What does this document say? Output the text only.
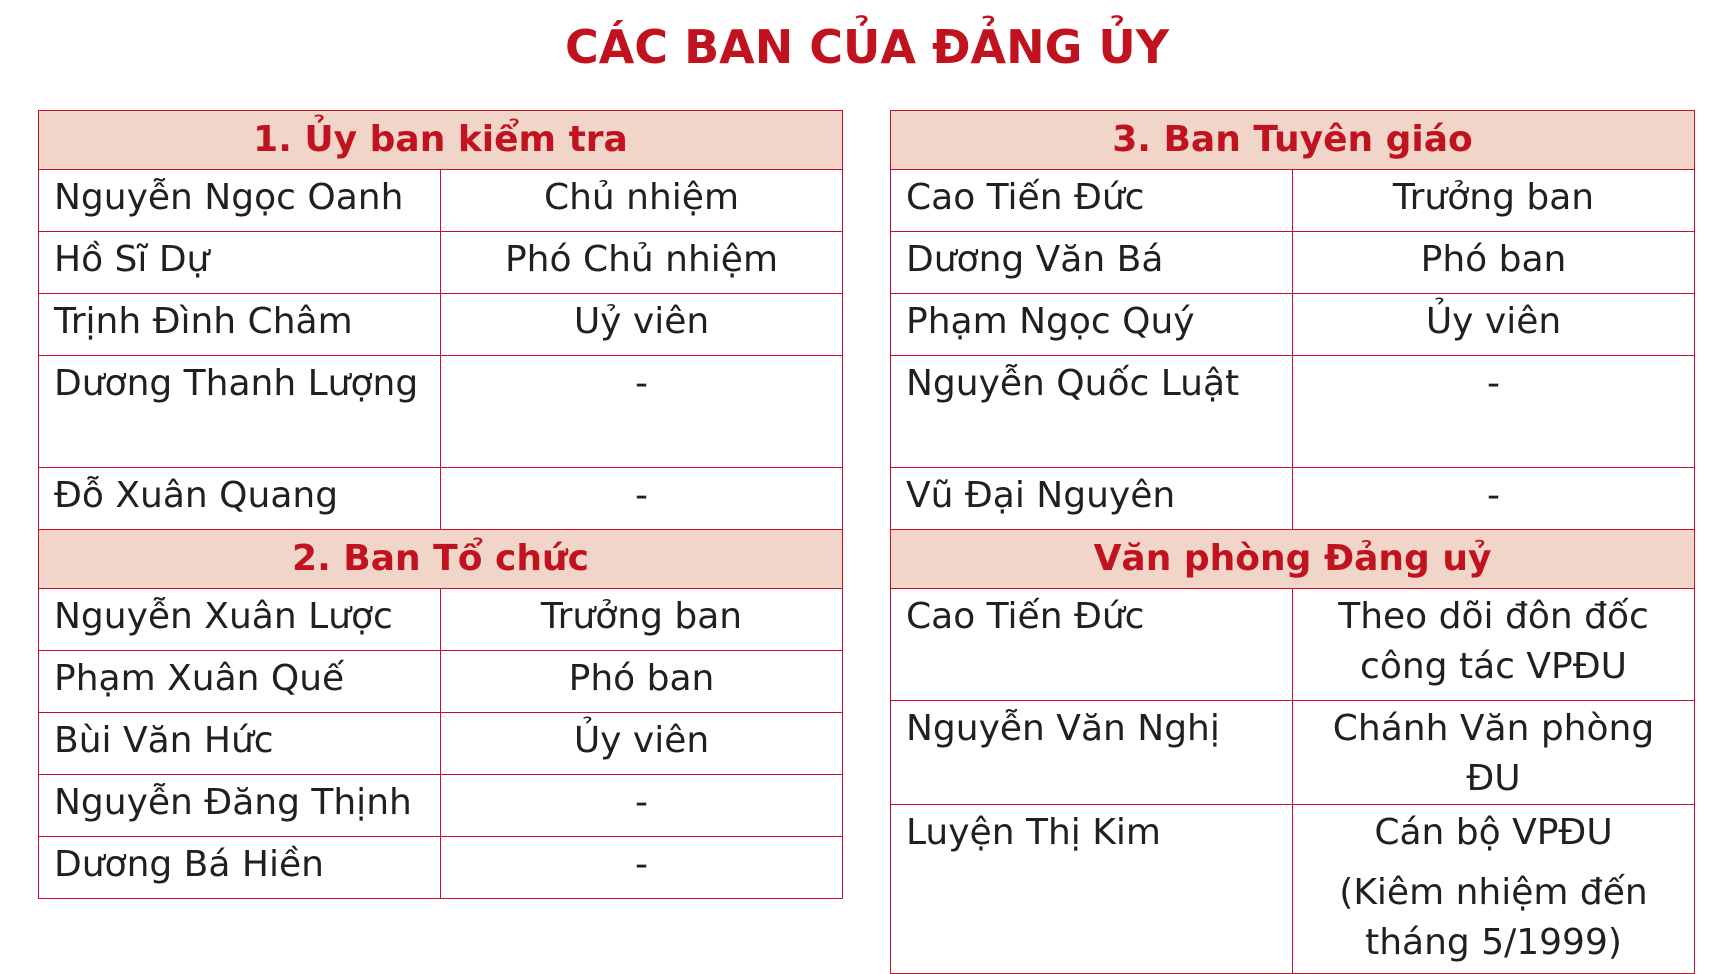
CÁC BAN CỦA ĐẢNG ỦY
1. Ủy ban kiểm tra	
Nguyễn Ngọc Oanh	Chủ nhiệm
Hồ Sĩ Dự	Phó Chủ nhiệm
Trịnh Đình Châm	Uỷ viên
Dương Thanh Lượng	-
Đỗ Xuân Quang	-
2. Ban Tổ chức	
Nguyễn Xuân Lược	Trưởng ban
Phạm Xuân Quế	Phó ban
Bùi Văn Hức	Ủy viên
Nguyễn Đăng Thịnh	-
Dương Bá Hiền	-
3. Ban Tuyên giáo	
Cao Tiến Đức	Trưởng ban
Dương Văn Bá	Phó ban
Phạm Ngọc Quý	Ủy viên
Nguyễn Quốc Luật	-
Vũ Đại Nguyên	-
Văn phòng Đảng uỷ	
Cao Tiến Đức	Theo dõi đôn đốc công tác VPĐU
Nguyễn Văn Nghị	Chánh Văn phòng ĐU
Luyện Thị Kim	Cán bộ VPĐU
(Kiêm nhiệm đến tháng 5/1999)
